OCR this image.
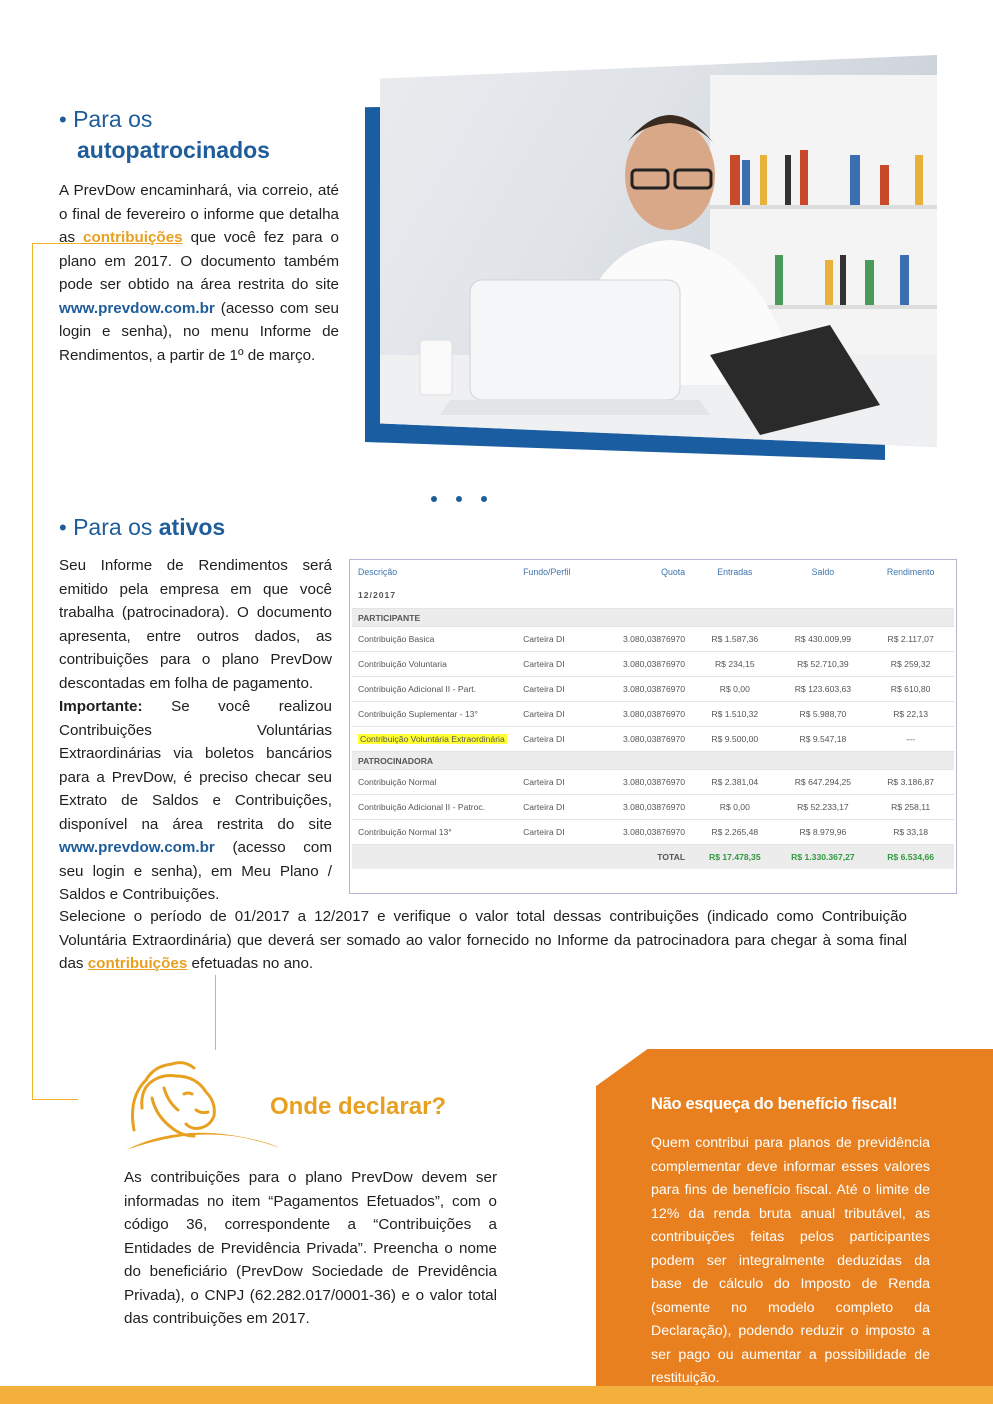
• Para os
autopatrocinados
A PrevDow encaminhará, via correio, até o final de fevereiro o informe que detalha as contribuições que você fez para o plano em 2017. O documento também pode ser obtido na área restrita do site www.prevdow.com.br (acesso com seu login e senha), no menu Informe de Rendimentos, a partir de 1º de março.
• Para os ativos
Seu Informe de Rendimentos será emitido pela empresa em que você trabalha (patrocinadora). O documento apresenta, entre outros dados, as contribuições para o plano PrevDow descontadas em folha de pagamento.
Importante: Se você realizou Contribuições Voluntárias Extraordinárias via boletos bancários para a PrevDow, é preciso checar seu Extrato de Saldos e Contribuições, disponível na área restrita do site www.prevdow.com.br (acesso com seu login e senha), em Meu Plano / Saldos e Contribuições.
Selecione o período de 01/2017 a 12/2017 e verifique o valor total dessas contribuições (indicado como Contribuição Voluntária Extraordinária) que deverá ser somado ao valor fornecido no Informe da patrocinadora para chegar à soma final das contribuições efetuadas no ano.
Descrição	Fundo/Perfil	Quota	Entradas	Saldo	Rendimento
12/2017					
PARTICIPANTE					
Contribuição Basica	Carteira DI	3.080,03876970	R$ 1.587,36	R$ 430.009,99	R$ 2.117,07
Contribuição Voluntaria	Carteira DI	3.080,03876970	R$ 234,15	R$ 52.710,39	R$ 259,32
Contribuição Adicional II - Part.	Carteira DI	3.080,03876970	R$ 0,00	R$ 123.603,63	R$ 610,80
Contribuição Suplementar - 13°	Carteira DI	3.080,03876970	R$ 1.510,32	R$ 5.988,70	R$ 22,13
Contribuição Voluntária Extraordinária	Carteira DI	3.080,03876970	R$ 9.500,00	R$ 9.547,18	---
PATROCINADORA					
Contribuição Normal	Carteira DI	3.080,03876970	R$ 2.381,04	R$ 647.294,25	R$ 3.186,87
Contribuição Adicional II - Patroc.	Carteira DI	3.080,03876970	R$ 0,00	R$ 52.233,17	R$ 258,11
Contribuição Normal 13°	Carteira DI	3.080,03876970	R$ 2.265,48	R$ 8.979,96	R$ 33,18
		TOTAL	R$ 17.478,35	R$ 1.330.367,27	R$ 6.534,66
Onde declarar?
As contribuições para o plano PrevDow devem ser informadas no item “Pagamentos Efetuados”, com o código 36, correspondente a “Contribuições a Entidades de Previdência Privada”. Preencha o nome do beneficiário (PrevDow Sociedade de Previdência Privada), o CNPJ (62.282.017/0001-36) e o valor total das contribuições em 2017.
Não esqueça do benefício fiscal!
Quem contribui para planos de previdência complementar deve informar esses valores para fins de benefício fiscal. Até o limite de 12% da renda bruta anual tributável, as contribuições feitas pelos participantes podem ser integralmente deduzidas da base de cálculo do Imposto de Renda (somente no modelo completo da Declaração), podendo reduzir o imposto a ser pago ou aumentar a possibilidade de restituição.
